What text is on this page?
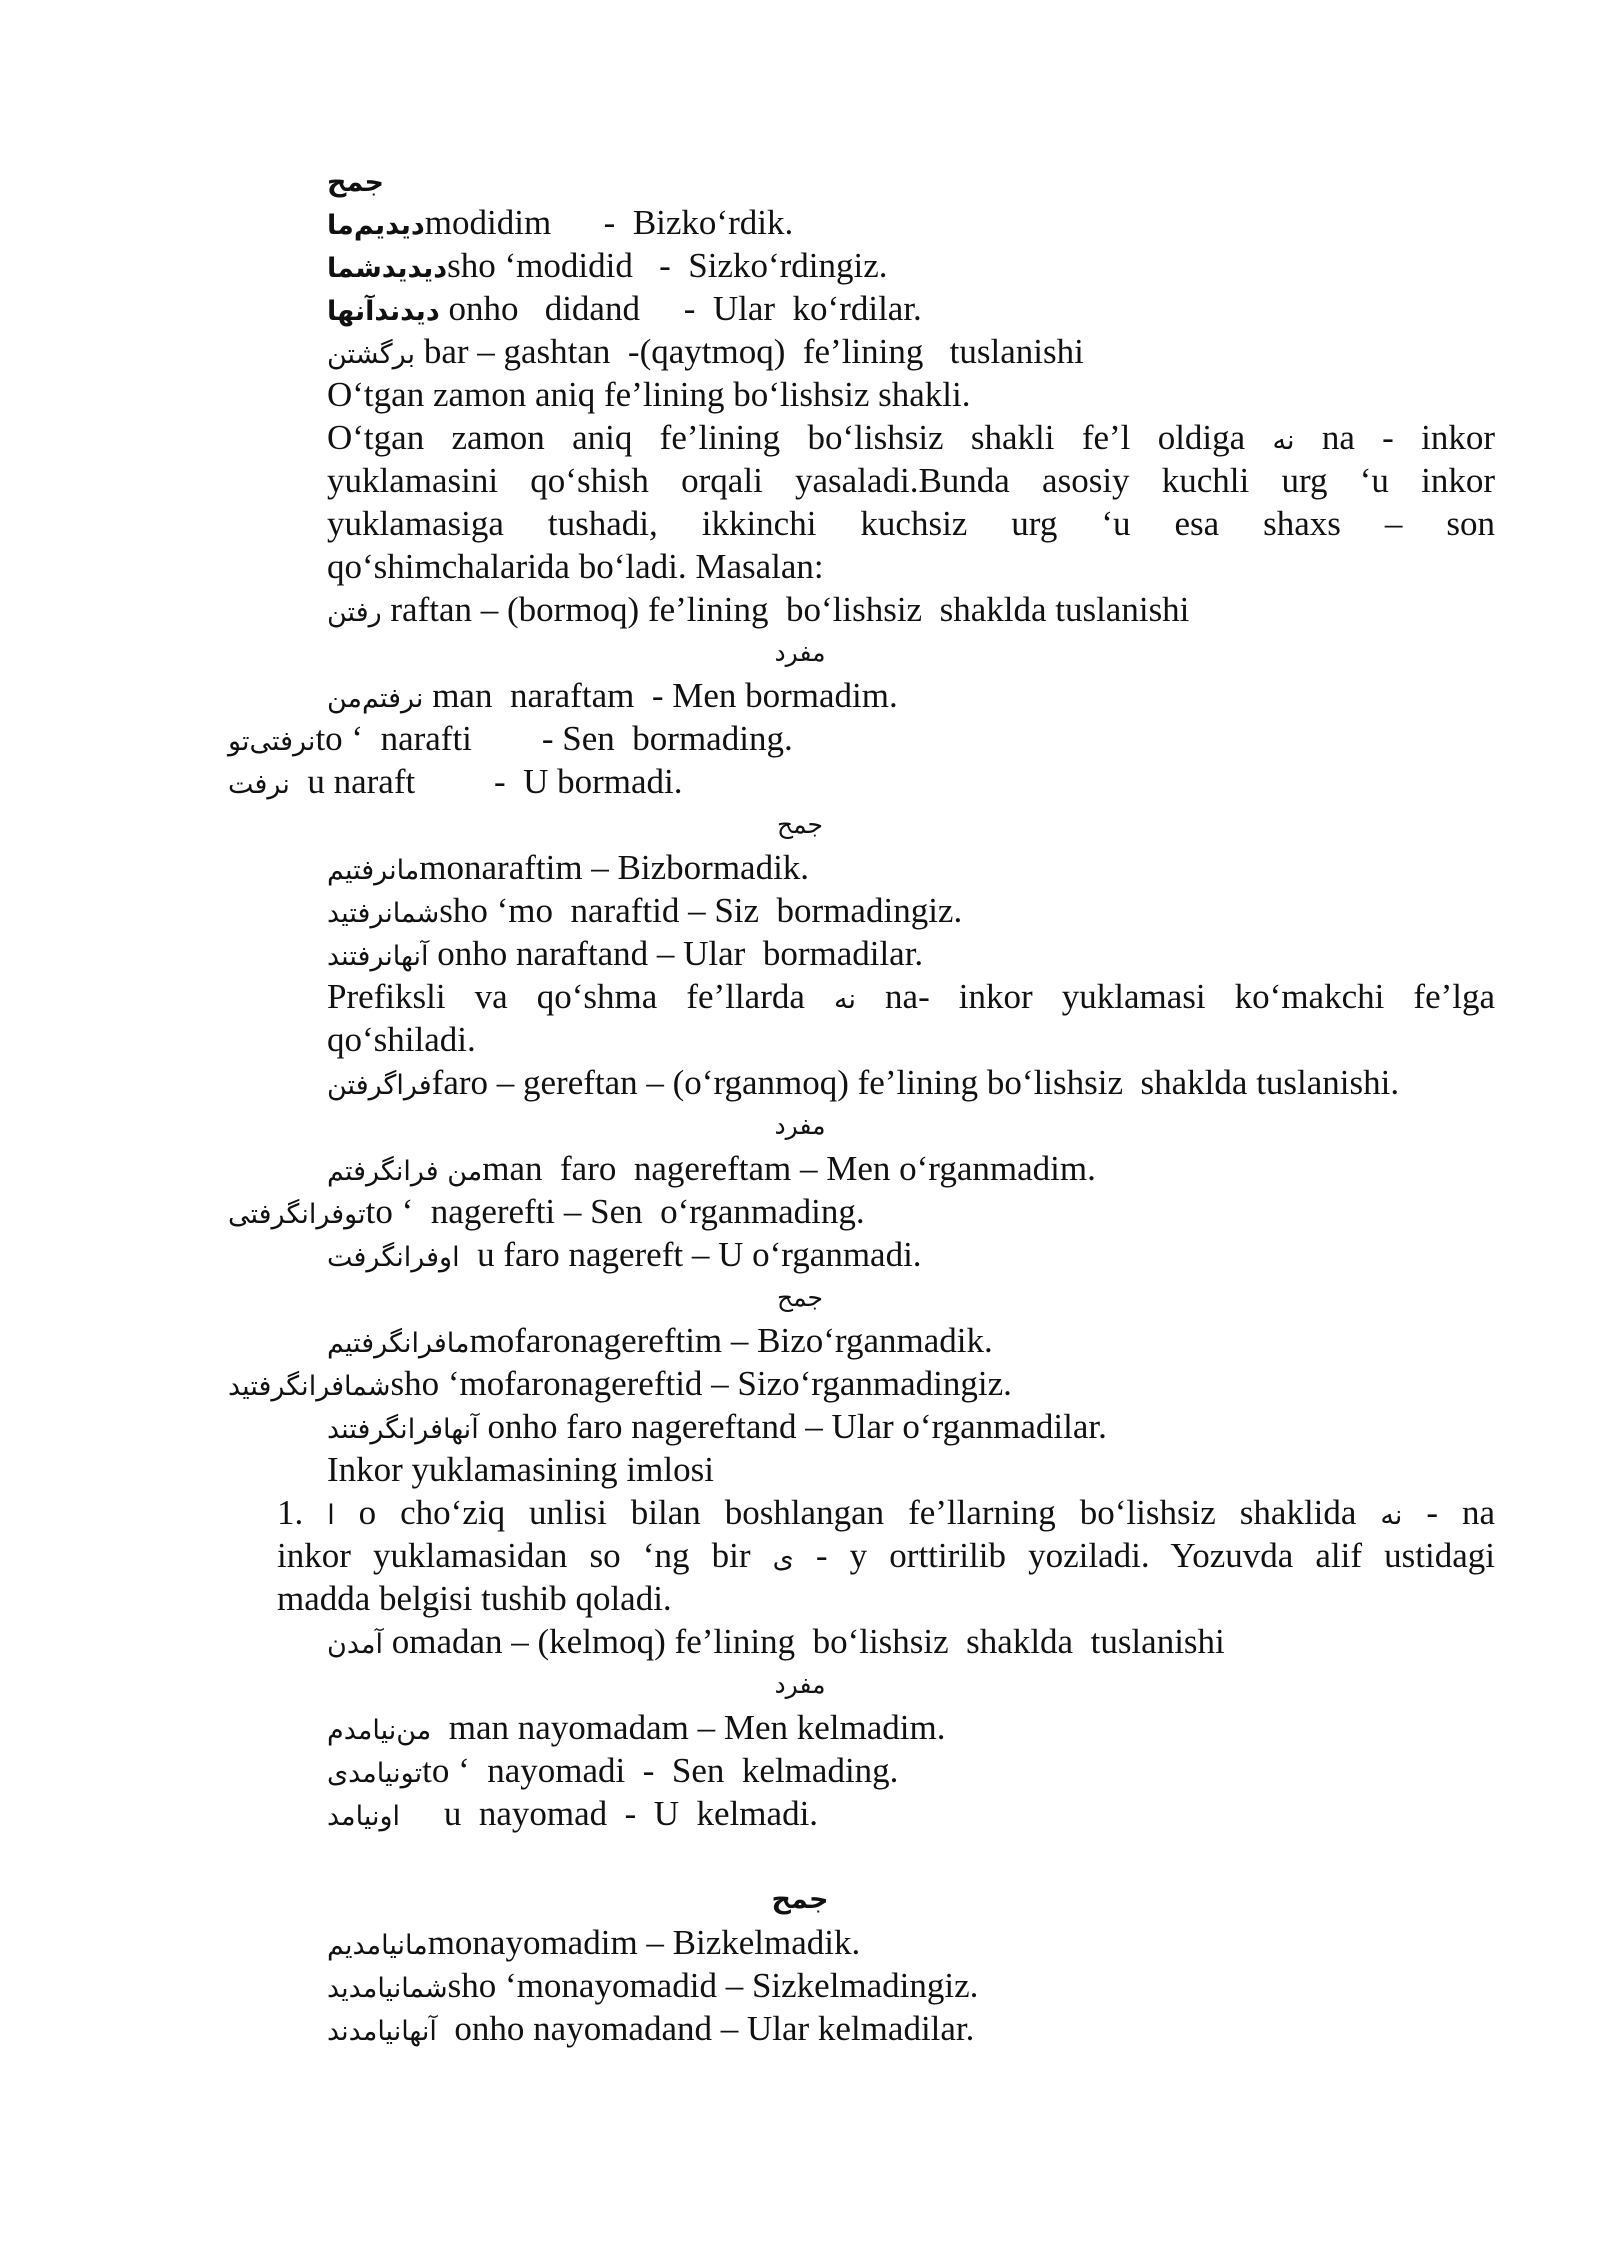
جمح
دیدیم‌ماmodidim      -  Bizko‘rdik.
دیدیدشماsho ‘modidid   -  Sizko‘rdingiz.
دیدندآنها onho   didand     -  Ular  ko‘rdilar.
برگشتن bar – gashtan  -(qaytmoq)  fe’lining   tuslanishi
O‘tgan zamon aniq fe’lining bo‘lishsiz shakli.
O‘tgan zamon aniq fe’lining bo‘lishsiz shakli fe’l oldiga نه na - inkor
yuklamasini qo‘shish orqali yasaladi.Bunda asosiy kuchli urg ‘u inkor
yuklamasiga tushadi, ikkinchi kuchsiz urg ‘u esa shaxs – son
qo‘shimchalarida bo‘ladi. Masalan:
رفتن raftan – (bormoq) fe’lining  bo‘lishsiz  shaklda tuslanishi
مفرد
نرفتم‌من man  naraftam  - Men bormadim.
نرفتی‌توto ‘  narafti        - Sen  bormading.
نرفت  u naraft         -  U bormadi.
جمح
مانرفتیمmonaraftim – Bizbormadik.
شمانرفتیدsho ‘mo  naraftid – Siz  bormadingiz.
آنهانرفتند onho naraftand – Ular  bormadilar.
Prefiksli va qo‘shma fe’llarda نه na- inkor yuklamasi ko‘makchi fe’lga
qo‘shiladi.
فراگرفتنfaro – gereftan – (o‘rganmoq) fe’lining bo‘lishsiz  shaklda tuslanishi.
مفرد
من فرانگرفتمman  faro  nagereftam – Men o‘rganmadim.
توفرانگرفتیto ‘  nagerefti – Sen  o‘rganmading.
اوفرانگرفت  u faro nagereft – U o‘rganmadi.
جمح
مافرانگرفتیمmofaronagereftim – Bizo‘rganmadik.
شمافرانگرفتیدsho ‘mofaronagereftid – Sizo‘rganmadingiz.
آنهافرانگرفتند onho faro nagereftand – Ular o‘rganmadilar.
Inkor yuklamasining imlosi
1. ا o cho‘ziq unlisi bilan boshlangan fe’llarning bo‘lishsiz shaklida نه - na
inkor yuklamasidan so ‘ng bir ی - y orttirilib yoziladi. Yozuvda alif ustidagi
madda belgisi tushib qoladi.
آمدن omadan – (kelmoq) fe’lining  bo‘lishsiz  shaklda  tuslanishi
مفرد
من‌نیامدم  man nayomadam – Men kelmadim.
تونیامدیto ‘  nayomadi  -  Sen  kelmading.
اونیامد     u  nayomad  -  U  kelmadi.
جمح
مانیامدیمmonayomadim – Bizkelmadik.
شمانیامدیدsho ‘monayomadid – Sizkelmadingiz.
آنهانیامدند  onho nayomadand – Ular kelmadilar.
